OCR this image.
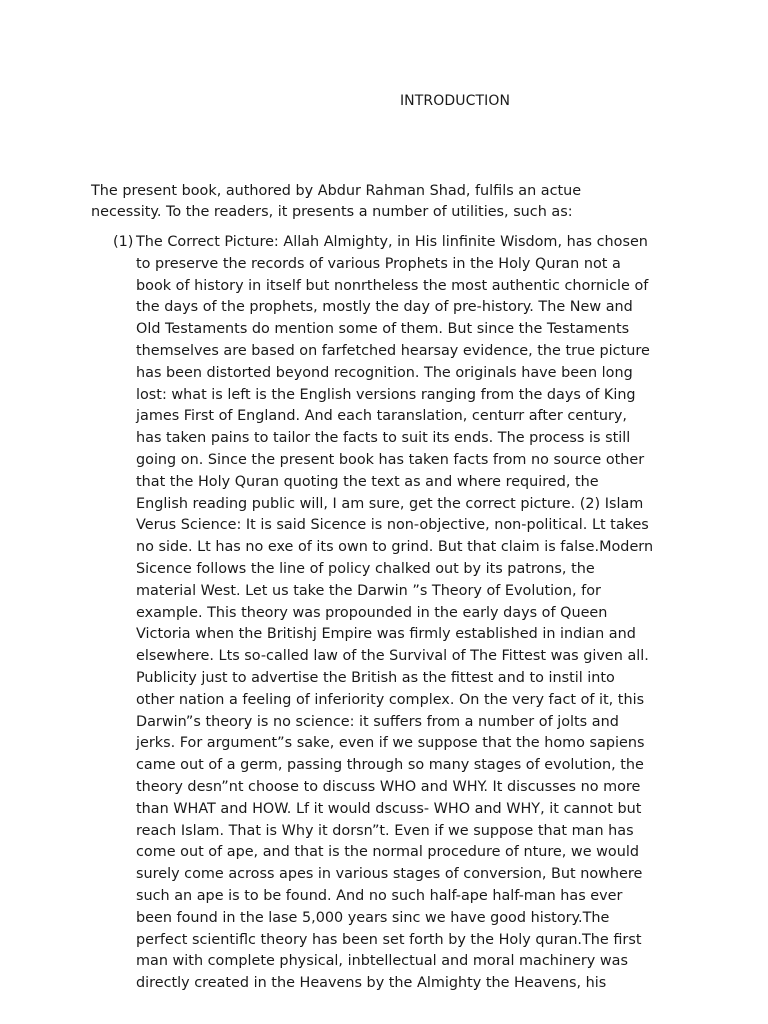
INTRODUCTION

The present book, authored by Abdur Rahman Shad, fulfils an actue
necessity. To the readers, it presents a number of utilities, such as:

(1) The Correct Picture: Allah Almighty, in His linfinite Wisdom, has chosen
to preserve the records of various Prophets in the Holy Quran not a
book of history in itself but nonrtheless the most authentic chornicle of
the days of the prophets, mostly the day of pre-history. The New and
Old Testaments do mention some of them. But since the Testaments
themselves are based on farfetched hearsay evidence, the true picture
has been distorted beyond recognition. The originals have been long
lost: what is left is the English versions ranging from the days of King
james First of England. And each taranslation, centurr after century,
has taken pains to tailor the facts to suit its ends. The process is still
going on. Since the present book has taken facts from no source other
that the Holy Quran quoting the text as and where required, the
English reading public will, I am sure, get the correct picture. (2) Islam
Verus Science: It is said Sicence is non-objective, non-political. Lt takes
no side. Lt has no exe of its own to grind. But that claim is false.Modern
Sicence follows the line of policy chalked out by its patrons, the
material West. Let us take the Darwin ”s Theory of Evolution, for
example. This theory was propounded in the early days of Queen
Victoria when the Britishj Empire was firmly established in indian and
elsewhere. Lts so-called law of the Survival of The Fittest was given all.
Publicity just to advertise the British as the fittest and to instil into
other nation a feeling of inferiority complex. On the very fact of it, this
Darwin”s theory is no science: it suffers from a number of jolts and
jerks. For argument”s sake, even if we suppose that the homo sapiens
came out of a germ, passing through so many stages of evolution, the
theory desn”nt choose to discuss WHO and WHY. It discusses no more
than WHAT and HOW. Lf it would dscuss- WHO and WHY, it cannot but
reach Islam. That is Why it dorsn”t. Even if we suppose that man has
come out of ape, and that is the normal procedure of nture, we would
surely come across apes in various stages of conversion, But nowhere
such an ape is to be found. And no such half-ape half-man has ever
been found in the lase 5,000 years sinc we have good history.The
perfect scientiflc theory has been set forth by the Holy quran.The first
man with complete physical, inbtellectual and moral machinery was
directly created in the Heavens by the Almighty the Heavens, his
